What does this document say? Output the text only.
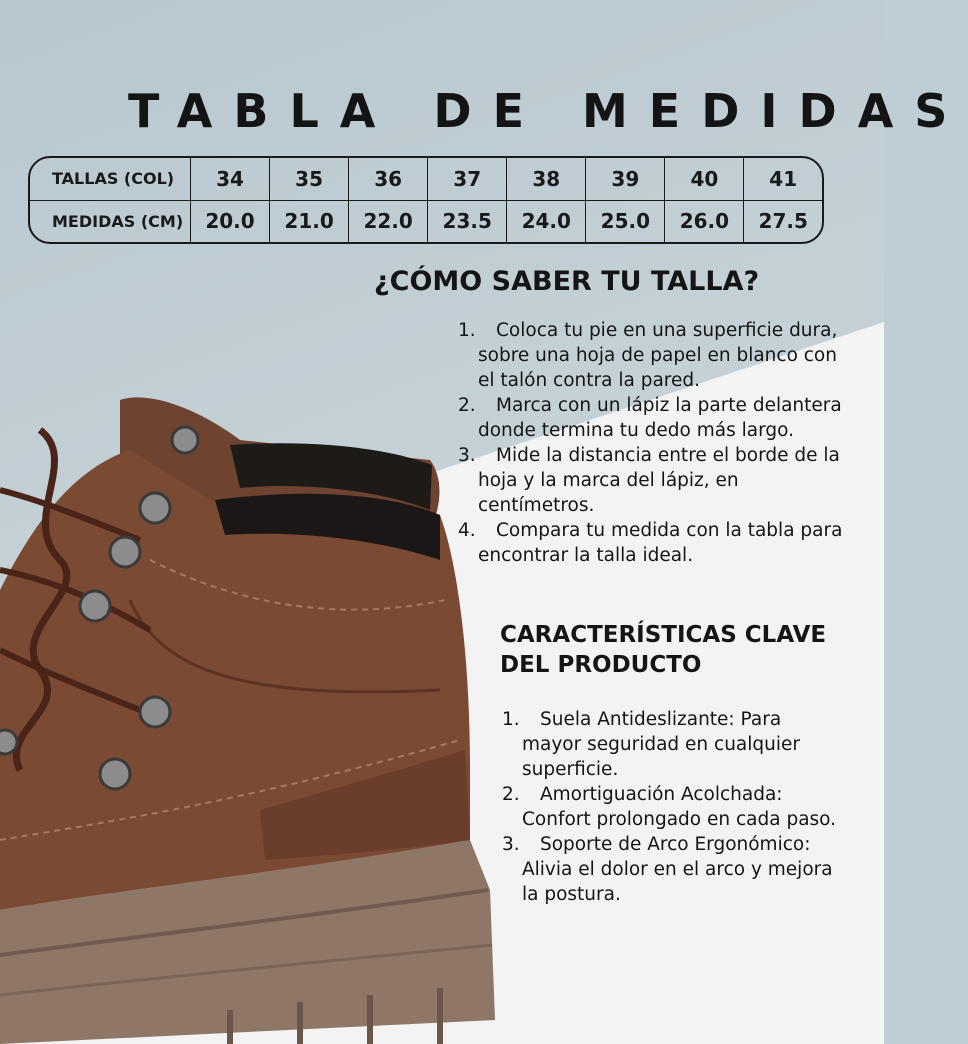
TABLA DE MEDIDAS
TALLAS (COL)	34	35	36	37	38	39	40	41
MEDIDAS (CM)	20.0	21.0	22.0	23.5	24.0	25.0	26.0	27.5
¿CÓMO SABER TU TALLA?
1. Coloca tu pie en una superficie dura, sobre una hoja de papel en blanco con el talón contra la pared.
2. Marca con un lápiz la parte delantera donde termina tu dedo más largo.
3. Mide la distancia entre el borde de la hoja y la marca del lápiz, en centímetros.
4. Compara tu medida con la tabla para encontrar la talla ideal.
CARACTERÍSTICAS CLAVE
DEL PRODUCTO
1. Suela Antideslizante: Para mayor seguridad en cualquier superficie.
2. Amortiguación Acolchada: Confort prolongado en cada paso.
3. Soporte de Arco Ergonómico: Alivia el dolor en el arco y mejora la postura.
